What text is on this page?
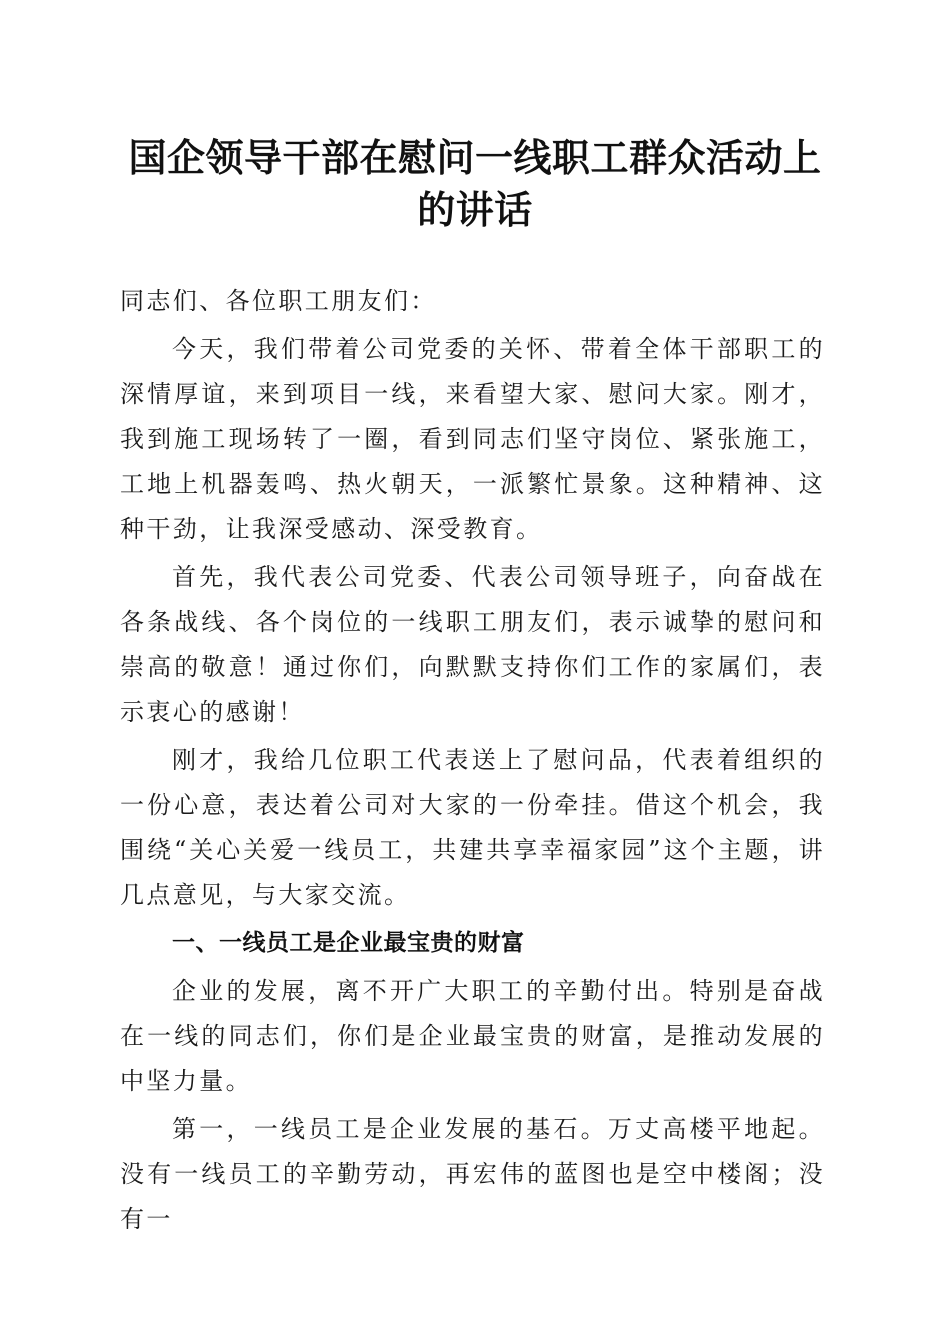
国企领导干部在慰问一线职工群众活动上的讲话

同志们、各位职工朋友们：

今天，我们带着公司党委的关怀、带着全体干部职工的深情厚谊，来到项目一线，来看望大家、慰问大家。刚才，我到施工现场转了一圈，看到同志们坚守岗位、紧张施工，工地上机器轰鸣、热火朝天，一派繁忙景象。这种精神、这种干劲，让我深受感动、深受教育。

首先，我代表公司党委、代表公司领导班子，向奋战在各条战线、各个岗位的一线职工朋友们，表示诚挚的慰问和崇高的敬意！通过你们，向默默支持你们工作的家属们，表示衷心的感谢！

刚才，我给几位职工代表送上了慰问品，代表着组织的一份心意，表达着公司对大家的一份牵挂。借这个机会，我围绕“关心关爱一线员工，共建共享幸福家园”这个主题，讲几点意见，与大家交流。

一、一线员工是企业最宝贵的财富

企业的发展，离不开广大职工的辛勤付出。特别是奋战在一线的同志们，你们是企业最宝贵的财富，是推动发展的中坚力量。

第一，一线员工是企业发展的基石。万丈高楼平地起。没有一线员工的辛勤劳动，再宏伟的蓝图也是空中楼阁；没有一
